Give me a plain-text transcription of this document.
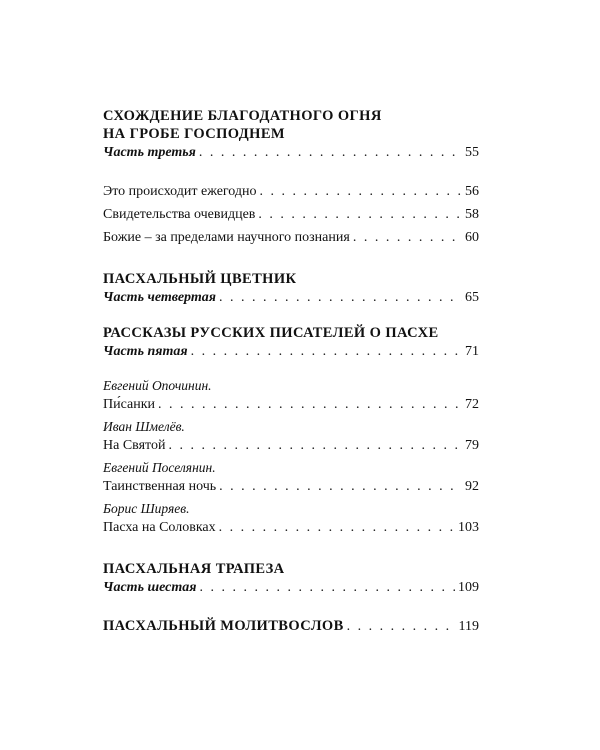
СХОЖДЕНИЕ БЛАГОДАТНОГО ОГНЯ
НА ГРОБЕ ГОСПОДНЕМ
Часть третья . . .	55
Это происходит ежегодно . . .	56
Свидетельства очевидцев . . .	58
Божие – за пределами научного познания . . .	60
ПАСХАЛЬНЫЙ ЦВЕТНИК
Часть четвертая . . .	65
РАССКАЗЫ РУССКИХ ПИСАТЕЛЕЙ О ПАСХЕ
Часть пятая . . .	71
Евгений Опочинин.
Пи́санки . . .	72
Иван Шмелёв.
На Святой . . .	79
Евгений Поселянин.
Таинственная ночь . . .	92
Борис Ширяев.
Пасха на Соловках . . .	103
ПАСХАЛЬНАЯ ТРАПЕЗА
Часть шестая . . .	109
ПАСХАЛЬНЫЙ МОЛИТВОСЛОВ . . .	119
